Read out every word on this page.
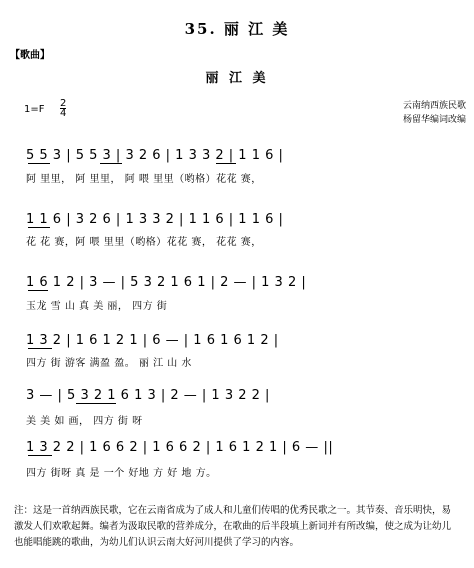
35. 丽 江 美
【歌曲】
丽 江 美
$1=F \frac{2}{4}$	云南纳西族民歌
杨留华编词改编
5 5 3 | 5 5 3 | 3 2 6 | 1 3 3 2 | 1 1 6 |
阿 里里， 阿 里里， 阿 喂 里里（哟格）花花 赛，
1 1 6 | 3 2 6 | 1 3 3 2 | 1 1 6 | 1 1 6 |
花 花 赛，阿 喂 里里（哟格）花花 赛， 花花 赛，
1 6 1 2 | 3 — | 5 3 2 1 6 1 | 2 — | 1 3 2 |
玉龙 雪 山 真 美 丽， 四方 街
1 3 2 | 1 6 1 2 1 | 6 — | 1 6 1 6 1 2 |
四方 街 游客 满盈 盈。 丽 江 山 水
3 — | 5 3 2 1 6 1 3 | 2 — | 1 3 2 2 |
美 美 如 画， 四方 街 呀
1 3 2 2 | 1 6 6 2 | 1 6 6 2 | 1 6 1 2 1 | 6 — ||
四方 街呀 真 是 一个 好地 方 好 地 方。
注：这是一首纳西族民歌，它在云南省成为了成人和儿童们传唱的优秀民歌之一。其节奏、音乐明快，易激发人们欢歌起舞。编者为汲取民歌的营养成分，在歌曲的后半段填上新词并有所改编，使之成为让幼儿也能唱能跳的歌曲，为幼儿们认识云南大好河川提供了学习的内容。
